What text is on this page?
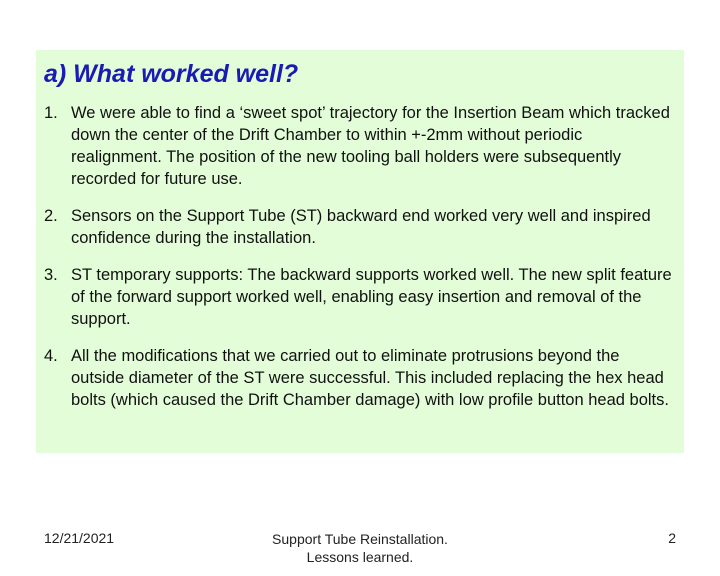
a) What worked well?
1. We were able to find a ‘sweet spot’ trajectory for the Insertion Beam which tracked down the center of the Drift Chamber to within +-2mm without periodic realignment. The position of the new tooling ball holders were subsequently recorded for future use.
2. Sensors on the Support Tube (ST) backward end worked very well and inspired confidence during the installation.
3. ST temporary supports: The backward supports worked well. The new split feature of the forward support worked well, enabling easy insertion and removal of the support.
4. All the modifications that we carried out to eliminate protrusions beyond the outside diameter of the ST were successful. This included replacing the hex head bolts (which caused the Drift Chamber damage) with low profile button head bolts.
12/21/2021	Support Tube Reinstallation.
Lessons learned.
2
